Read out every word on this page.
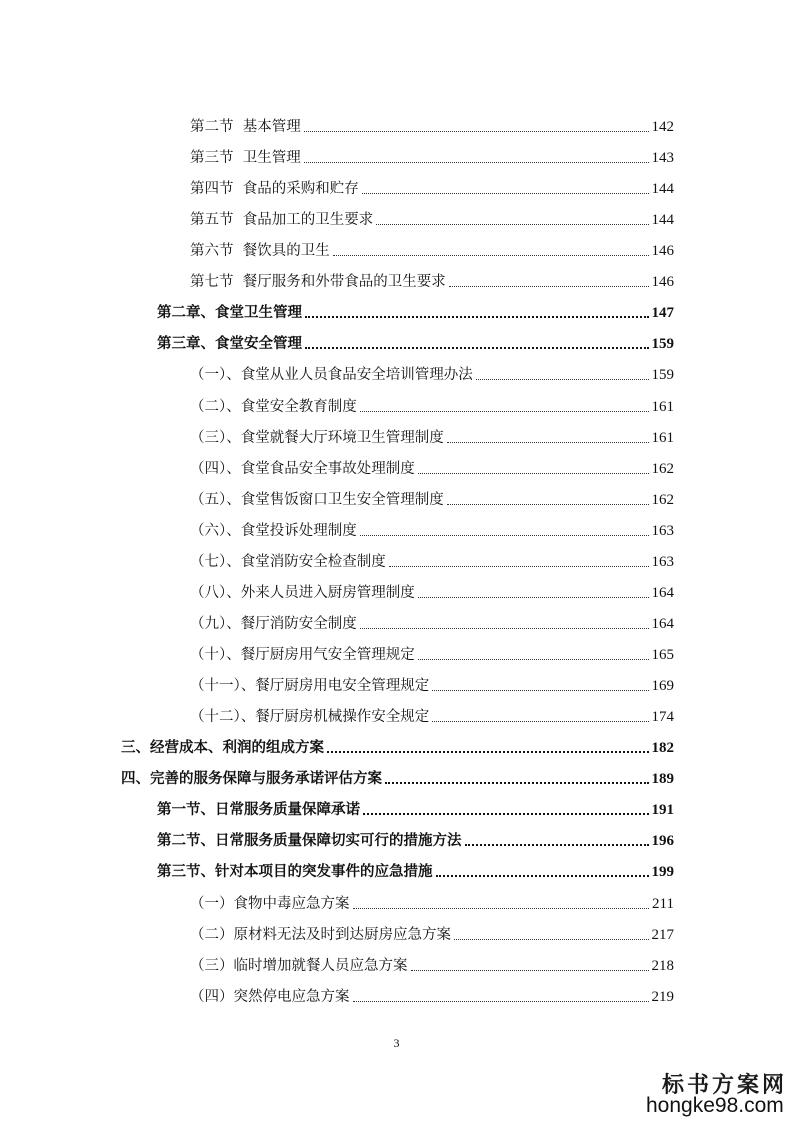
第二节  基本管理	142
第三节  卫生管理	143
第四节  食品的采购和贮存	144
第五节  食品加工的卫生要求	144
第六节  餐饮具的卫生	146
第七节  餐厅服务和外带食品的卫生要求	146
第二章、食堂卫生管理	147
第三章、食堂安全管理	159
（一）、食堂从业人员食品安全培训管理办法	159
（二）、食堂安全教育制度	161
（三）、食堂就餐大厅环境卫生管理制度	161
（四）、食堂食品安全事故处理制度	162
（五）、食堂售饭窗口卫生安全管理制度	162
（六）、食堂投诉处理制度	163
（七）、食堂消防安全检查制度	163
（八）、外来人员进入厨房管理制度	164
（九）、餐厅消防安全制度	164
（十）、餐厅厨房用气安全管理规定	165
（十一）、餐厅厨房用电安全管理规定	169
（十二）、餐厅厨房机械操作安全规定	174
三、经营成本、利润的组成方案	182
四、完善的服务保障与服务承诺评估方案	189
第一节、日常服务质量保障承诺	191
第二节、日常服务质量保障切实可行的措施方法	196
第三节、针对本项目的突发事件的应急措施	199
（一）食物中毒应急方案	211
（二）原材料无法及时到达厨房应急方案	217
（三）临时增加就餐人员应急方案	218
（四）突然停电应急方案	219
3
标书方案网
hongke98.com
